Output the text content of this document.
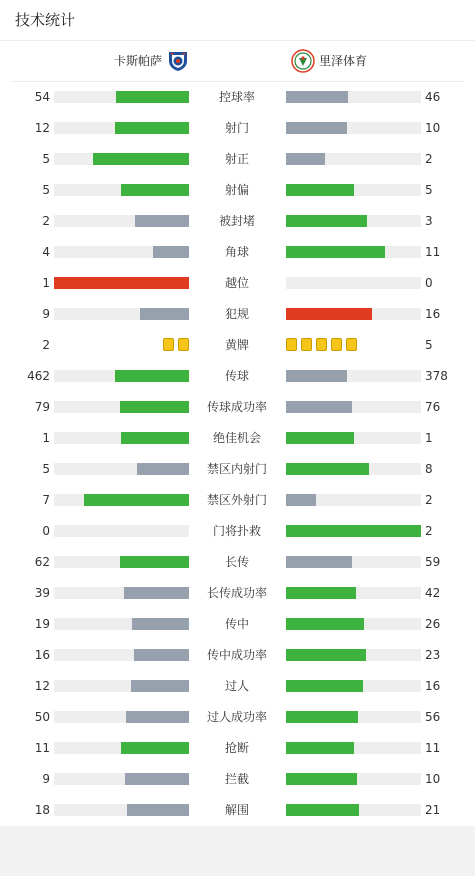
技术统计
卡斯帕萨	里泽体育
54	控球率	46
12	射门	10
5	射正	2
5	射偏	5
2	被封堵	3
4	角球	11
1	越位	0
9	犯规	16
2	黄牌	5
462	传球	378
79	传球成功率	76
1	绝佳机会	1
5	禁区内射门	8
7	禁区外射门	2
0	门将扑救	2
62	长传	59
39	长传成功率	42
19	传中	26
16	传中成功率	23
12	过人	16
50	过人成功率	56
11	抢断	11
9	拦截	10
18	解围	21
